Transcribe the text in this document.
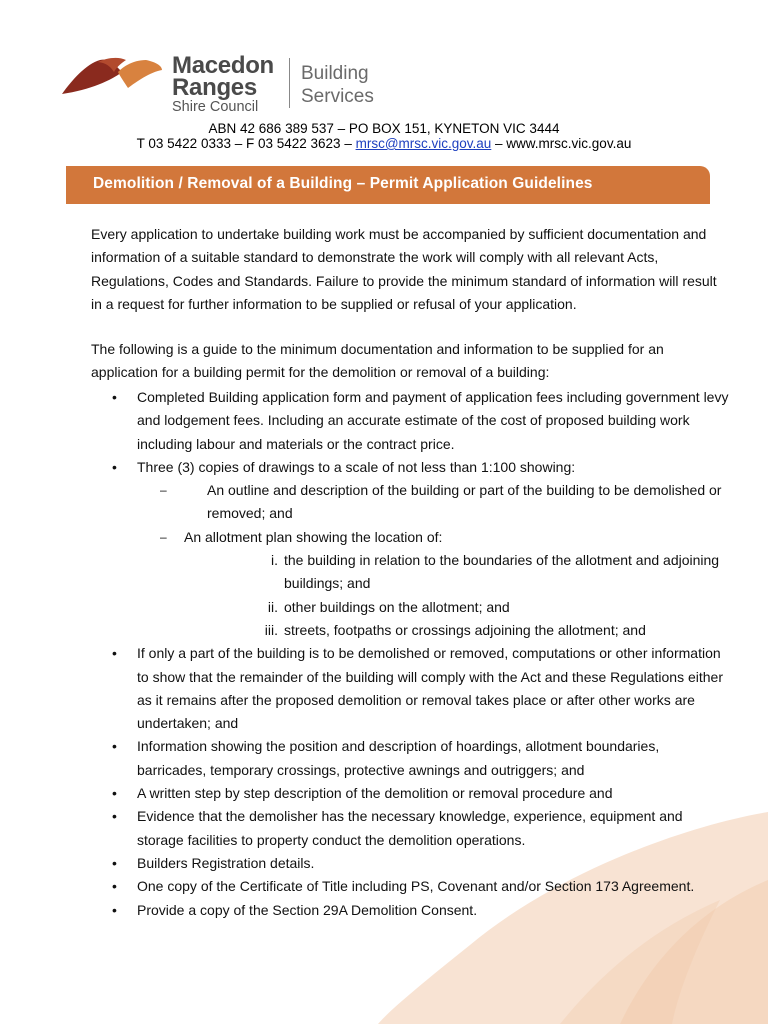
Macedon
Ranges
Shire Council
Building
Services
ABN 42 686 389 537 – PO BOX 151, KYNETON VIC 3444
T 03 5422 0333 – F 03 5422 3623 – mrsc@mrsc.vic.gov.au – www.mrsc.vic.gov.au
Demolition / Removal of a Building – Permit Application Guidelines
Every application to undertake building work must be accompanied by sufficient documentation and information of a suitable standard to demonstrate the work will comply with all relevant Acts, Regulations, Codes and Standards. Failure to provide the minimum standard of information will result in a request for further information to be supplied or refusal of your application.
The following is a guide to the minimum documentation and information to be supplied for an application for a building permit for the demolition or removal of a building:
• Completed Building application form and payment of application fees including government levy and lodgement fees. Including an accurate estimate of the cost of proposed building work including labour and materials or the contract price.
• Three (3) copies of drawings to a scale of not less than 1:100 showing:
–	An outline and description of the building or part of the building to be demolished or removed; and
– An allotment plan showing the location of:
i. the building in relation to the boundaries of the allotment and adjoining buildings; and
ii. other buildings on the allotment; and
iii. streets, footpaths or crossings adjoining the allotment; and
• If only a part of the building is to be demolished or removed, computations or other information to show that the remainder of the building will comply with the Act and these Regulations either as it remains after the proposed demolition or removal takes place or after other works are undertaken; and
• Information showing the position and description of hoardings, allotment boundaries, barricades, temporary crossings, protective awnings and outriggers; and
• A written step by step description of the demolition or removal procedure and
• Evidence that the demolisher has the necessary knowledge, experience, equipment and storage facilities to property conduct the demolition operations.
• Builders Registration details.
• One copy of the Certificate of Title including PS, Covenant and/or Section 173 Agreement.
• Provide a copy of the Section 29A Demolition Consent.
